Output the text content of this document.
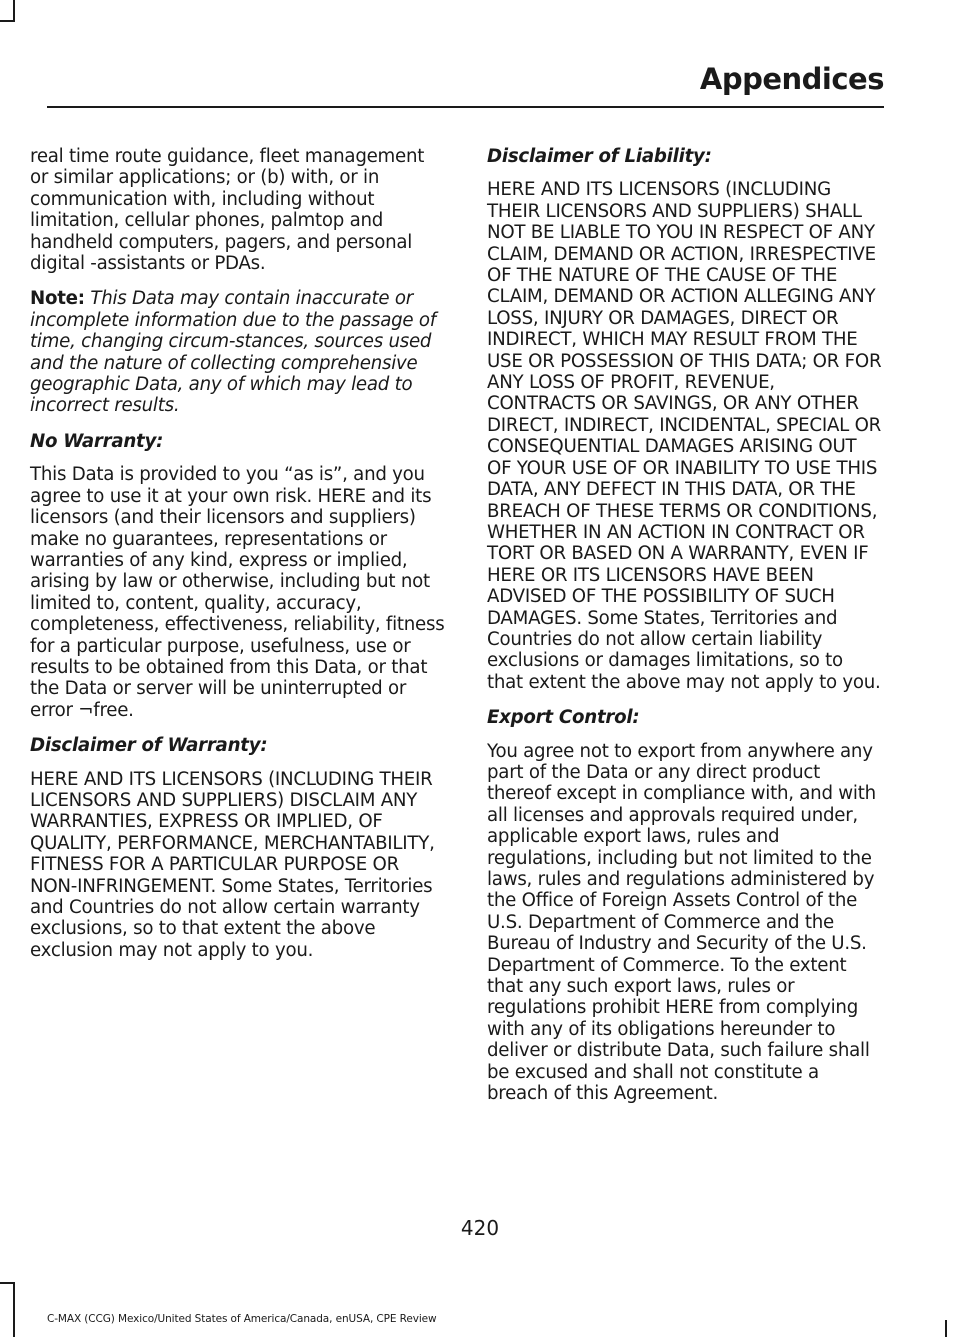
Appendices

real time route guidance, fleet management or similar applications; or (b) with, or in communication with, including without limitation, cellular phones, palmtop and handheld computers, pagers, and personal digital -assistants or PDAs.

Note: This Data may contain inaccurate or incomplete information due to the passage of time, changing circum-stances, sources used and the nature of collecting comprehensive geographic Data, any of which may lead to incorrect results.

No Warranty:

This Data is provided to you “as is”, and you agree to use it at your own risk. HERE and its licensors (and their licensors and suppliers) make no guarantees, representations or warranties of any kind, express or implied, arising by law or otherwise, including but not limited to, content, quality, accuracy, completeness, effectiveness, reliability, fitness for a particular purpose, usefulness, use or results to be obtained from this Data, or that the Data or server will be uninterrupted or error ¬free.

Disclaimer of Warranty:

HERE AND ITS LICENSORS (INCLUDING THEIR LICENSORS AND SUPPLIERS) DISCLAIM ANY WARRANTIES, EXPRESS OR IMPLIED, OF QUALITY, PERFORMANCE, MERCHANTABILITY, FITNESS FOR A PARTICULAR PURPOSE OR NON-INFRINGEMENT. Some States, Territories and Countries do not allow certain warranty exclusions, so to that extent the above exclusion may not apply to you.

Disclaimer of Liability:

HERE AND ITS LICENSORS (INCLUDING THEIR LICENSORS AND SUPPLIERS) SHALL NOT BE LIABLE TO YOU IN RESPECT OF ANY CLAIM, DEMAND OR ACTION, IRRESPECTIVE OF THE NATURE OF THE CAUSE OF THE CLAIM, DEMAND OR ACTION ALLEGING ANY LOSS, INJURY OR DAMAGES, DIRECT OR INDIRECT, WHICH MAY RESULT FROM THE USE OR POSSESSION OF THIS DATA; OR FOR ANY LOSS OF PROFIT, REVENUE, CONTRACTS OR SAVINGS, OR ANY OTHER DIRECT, INDIRECT, INCIDENTAL, SPECIAL OR CONSEQUENTIAL DAMAGES ARISING OUT OF YOUR USE OF OR INABILITY TO USE THIS DATA, ANY DEFECT IN THIS DATA, OR THE BREACH OF THESE TERMS OR CONDITIONS, WHETHER IN AN ACTION IN CONTRACT OR TORT OR BASED ON A WARRANTY, EVEN IF HERE OR ITS LICENSORS HAVE BEEN ADVISED OF THE POSSIBILITY OF SUCH DAMAGES. Some States, Territories and Countries do not allow certain liability exclusions or damages limitations, so to that extent the above may not apply to you.

Export Control:

You agree not to export from anywhere any part of the Data or any direct product thereof except in compliance with, and with all licenses and approvals required under, applicable export laws, rules and regulations, including but not limited to the laws, rules and regulations administered by the Office of Foreign Assets Control of the U.S. Department of Commerce and the Bureau of Industry and Security of the U.S. Department of Commerce. To the extent that any such export laws, rules or regulations prohibit HERE from complying with any of its obligations hereunder to deliver or distribute Data, such failure shall be excused and shall not constitute a breach of this Agreement.

420
C-MAX (CCG) Mexico/United States of America/Canada, enUSA, CPE Review
